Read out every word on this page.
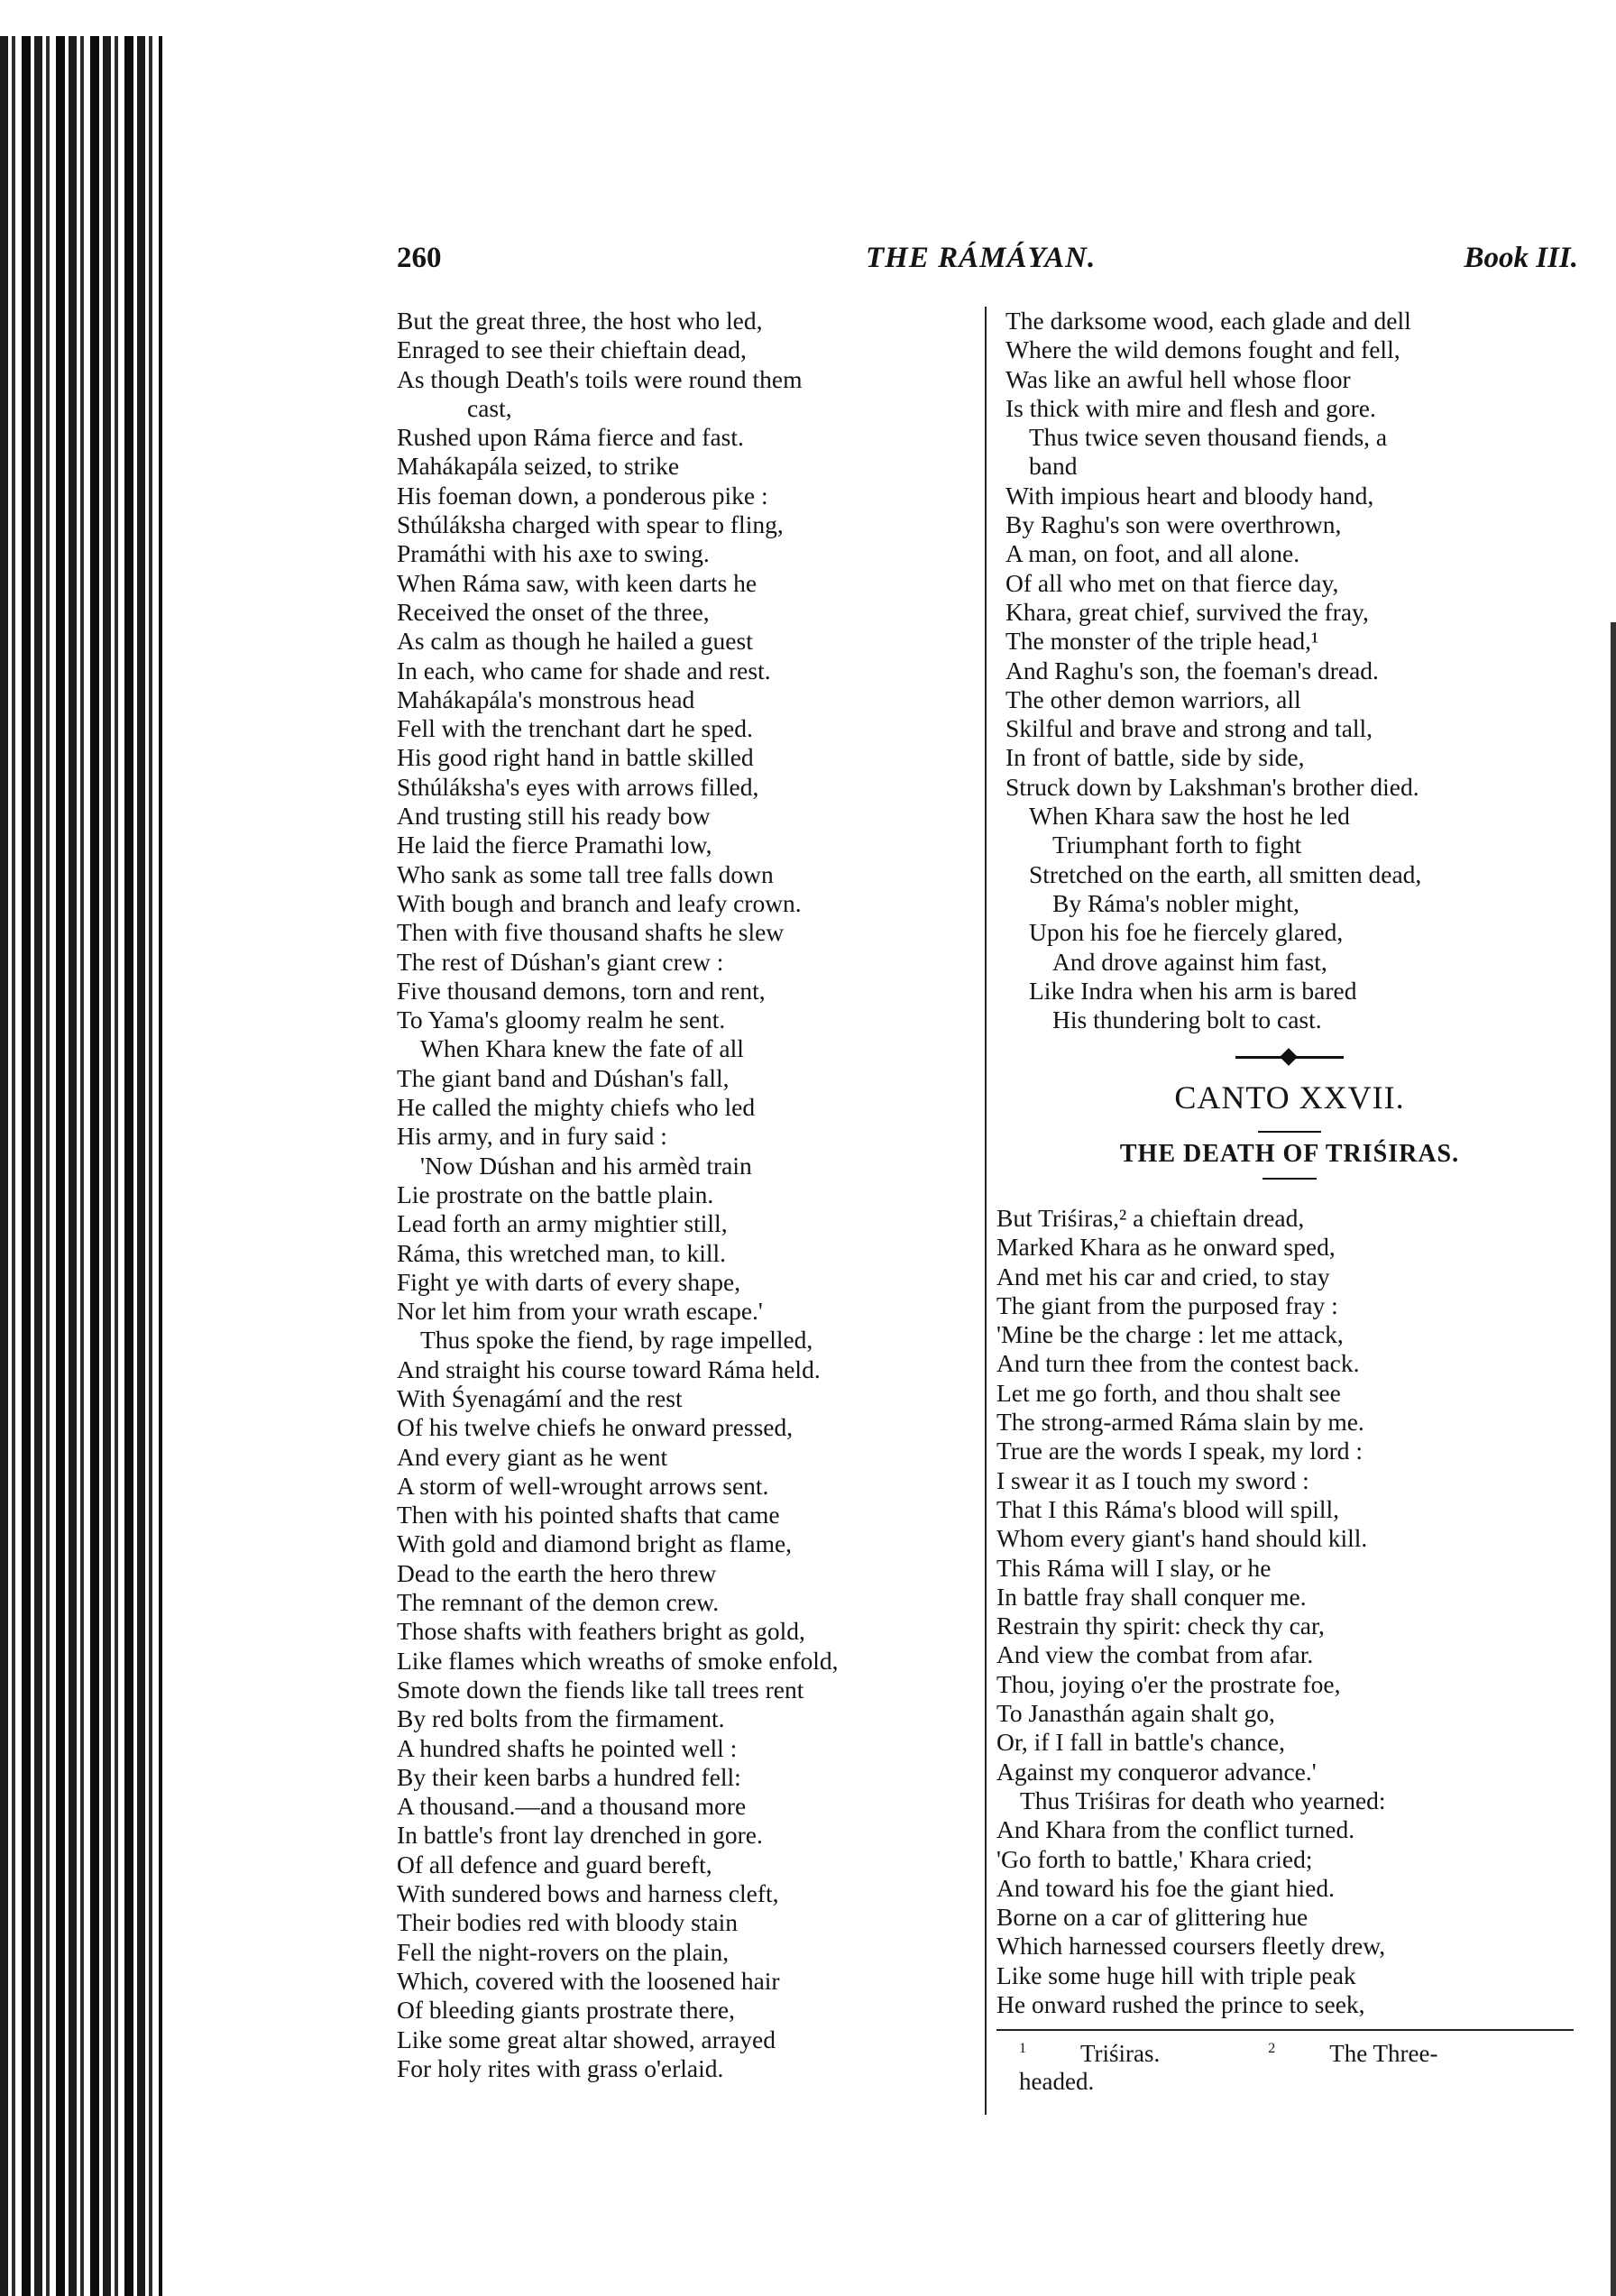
260	THE RÁMÁYAN.	Book III.
But the great three, the host who led,
Enraged to see their chieftain dead,
As though Death's toils were round them
cast,
Rushed upon Ráma fierce and fast.
Mahákapála seized, to strike
His foeman down, a ponderous pike :
Sthúláksha charged with spear to fling,
Pramáthi with his axe to swing.
When Ráma saw, with keen darts he
Received the onset of the three,
As calm as though he hailed a guest
In each, who came for shade and rest.
Mahákapála's monstrous head
Fell with the trenchant dart he sped.
His good right hand in battle skilled
Sthúláksha's eyes with arrows filled,
And trusting still his ready bow
He laid the fierce Pramathi low,
Who sank as some tall tree falls down
With bough and branch and leafy crown.
Then with five thousand shafts he slew
The rest of Dúshan's giant crew :
Five thousand demons, torn and rent,
To Yama's gloomy realm he sent.
When Khara knew the fate of all
The giant band and Dúshan's fall,
He called the mighty chiefs who led
His army, and in fury said :
'Now Dúshan and his armèd train
Lie prostrate on the battle plain.
Lead forth an army mightier still,
Ráma, this wretched man, to kill.
Fight ye with darts of every shape,
Nor let him from your wrath escape.'
Thus spoke the fiend, by rage impelled,
And straight his course toward Ráma held.
With Śyenagámí and the rest
Of his twelve chiefs he onward pressed,
And every giant as he went
A storm of well-wrought arrows sent.
Then with his pointed shafts that came
With gold and diamond bright as flame,
Dead to the earth the hero threw
The remnant of the demon crew.
Those shafts with feathers bright as gold,
Like flames which wreaths of smoke enfold,
Smote down the fiends like tall trees rent
By red bolts from the firmament.
A hundred shafts he pointed well :
By their keen barbs a hundred fell:
A thousand.—and a thousand more
In battle's front lay drenched in gore.
Of all defence and guard bereft,
With sundered bows and harness cleft,
Their bodies red with bloody stain
Fell the night-rovers on the plain,
Which, covered with the loosened hair
Of bleeding giants prostrate there,
Like some great altar showed, arrayed
For holy rites with grass o'erlaid.
The darksome wood, each glade and dell
Where the wild demons fought and fell,
Was like an awful hell whose floor
Is thick with mire and flesh and gore.
Thus twice seven thousand fiends, a
band
With impious heart and bloody hand,
By Raghu's son were overthrown,
A man, on foot, and all alone.
Of all who met on that fierce day,
Khara, great chief, survived the fray,
The monster of the triple head,¹
And Raghu's son, the foeman's dread.
The other demon warriors, all
Skilful and brave and strong and tall,
In front of battle, side by side,
Struck down by Lakshman's brother died.
When Khara saw the host he led
Triumphant forth to fight
Stretched on the earth, all smitten dead,
By Ráma's nobler might,
Upon his foe he fiercely glared,
And drove against him fast,
Like Indra when his arm is bared
His thundering bolt to cast.
CANTO XXVII.
THE DEATH OF TRIŚIRAS.
But Triśiras,² a chieftain dread,
Marked Khara as he onward sped,
And met his car and cried, to stay
The giant from the purposed fray :
'Mine be the charge : let me attack,
And turn thee from the contest back.
Let me go forth, and thou shalt see
The strong-armed Ráma slain by me.
True are the words I speak, my lord :
I swear it as I touch my sword :
That I this Ráma's blood will spill,
Whom every giant's hand should kill.
This Ráma will I slay, or he
In battle fray shall conquer me.
Restrain thy spirit: check thy car,
And view the combat from afar.
Thou, joying o'er the prostrate foe,
To Janasthán again shalt go,
Or, if I fall in battle's chance,
Against my conqueror advance.'
Thus Triśiras for death who yearned:
And Khara from the conflict turned.
'Go forth to battle,' Khara cried;
And toward his foe the giant hied.
Borne on a car of glittering hue
Which harnessed coursers fleetly drew,
Like some huge hill with triple peak
He onward rushed the prince to seek,
$^1$ Triśiras.	$^2$ The Three-headed.
